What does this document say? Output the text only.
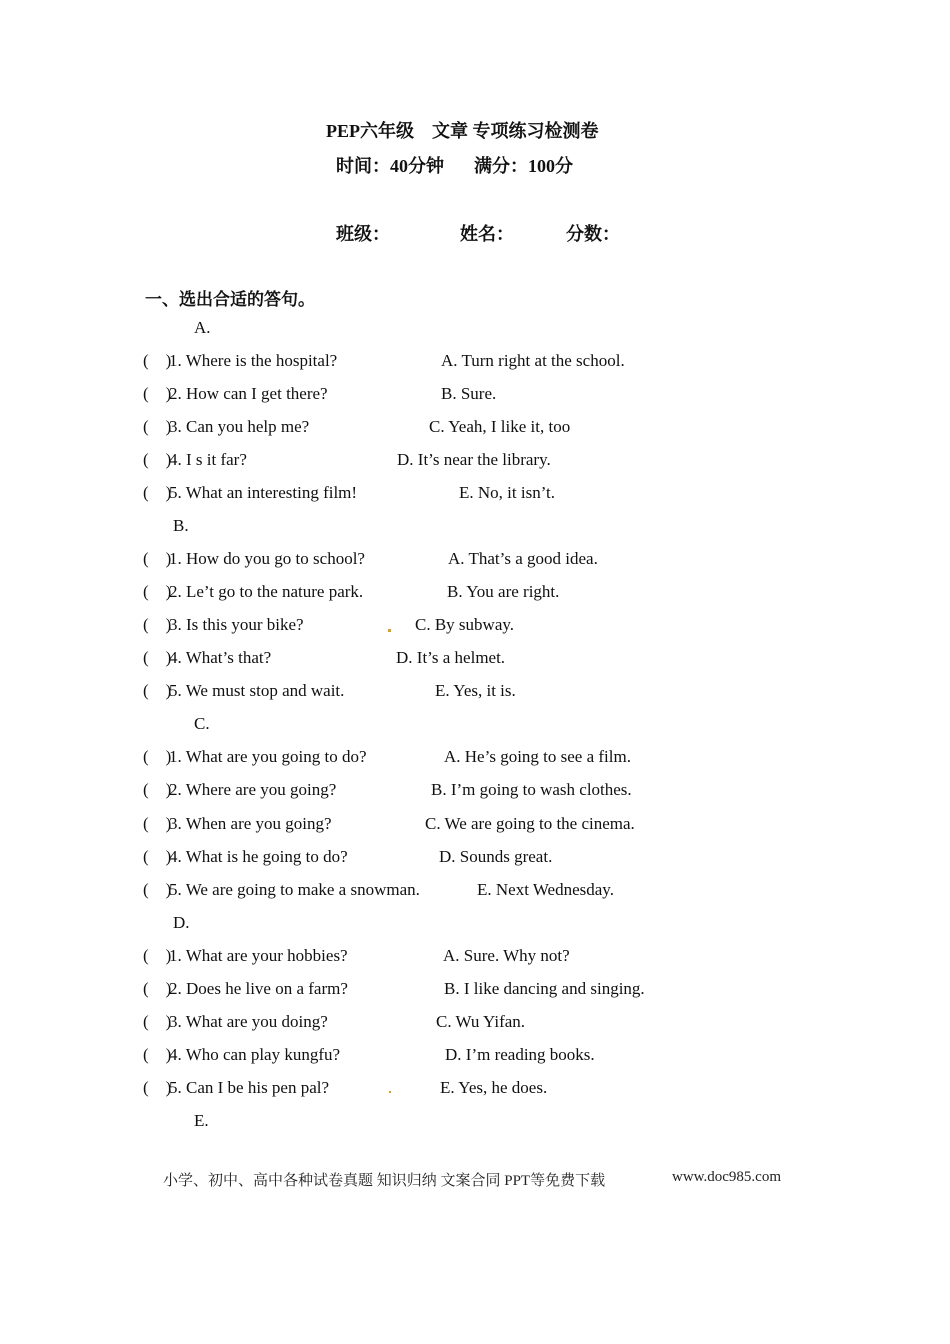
PEP六年级　文章 专项练习检测卷
时间：40分钟 满分：100分
班级：	姓名：	分数：
一、选出合适的答句。
A.
(　)
1. Where is the hospital?	A. Turn right at the school.
(　)
2. How can I get there?	B. Sure.
(　)
3. Can you help me?	C. Yeah, I like it, too
(　)
4. I s it far?	D. It’s near the library.
(　)
5. What an interesting film!	E. No, it isn’t.
B.
(　)
1. How do you go to school?	A. That’s a good idea.
(　)
2. Le’t go to the nature park.	B. You are right.
(　)
3. Is this your bike?	C. By subway.
(　)
4. What’s that?	D. It’s a helmet.
(　)
5. We must stop and wait.	E. Yes, it is.
C.
(　)
1. What are you going to do?	A. He’s going to see a film.
(　)
2. Where are you going?	B. I’m going to wash clothes.
(　)
3. When are you going?	C. We are going to the cinema.
(　)
4. What is he going to do?	D. Sounds great.
(　)
5. We are going to make a snowman.	E. Next Wednesday.
D.
(　)
1. What are your hobbies?	A. Sure. Why not?
(　)
2. Does he live on a farm?	B. I like dancing and singing.
(　)
3. What are you doing?	C. Wu Yifan.
(　)
4. Who can play kungfu?	D. I’m reading books.
(　)
5. Can I be his pen pal?	E. Yes, he does.
E.
小学、初中、高中各种试卷真题 知识归纳 文案合同 PPT等免费下载	www.doc985.com
